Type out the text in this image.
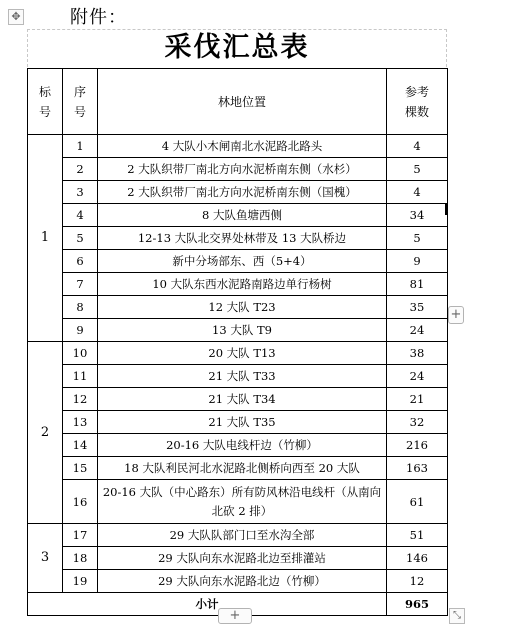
✥	附件：
采伐汇总表
标号	序号	林地位置	参考棵数

1	1	4 大队小木闸南北水泥路北路头	4
	2	2 大队织带厂南北方向水泥桥南东侧（水杉）	5
	3	2 大队织带厂南北方向水泥桥南东侧（国槐）	4
	4	8 大队鱼塘西侧	34
	5	12-13 大队北交界处林带及 13 大队桥边	5
	6	新中分场部东、西（5+4）	9
	7	10 大队东西水泥路南路边单行杨树	81
	8	12 大队 T23	35
	9	13 大队 T9	24
2	10	20 大队 T13	38
	11	21 大队 T33	24
	12	21 大队 T34	21
	13	21 大队 T35	32
	14	20-16 大队电线杆边（竹柳）	216
	15	18 大队利民河北水泥路北侧桥向西至 20 大队	163
	16	20-16 大队（中心路东）所有防风林沿电线杆（从南向北砍 2 排）	61
3	17	29 大队队部门口至水沟全部	51
	18	29 大队向东水泥路北边至排灌站	146
	19	29 大队向东水泥路北边（竹柳）	12
小计			965
+
+	⤡
